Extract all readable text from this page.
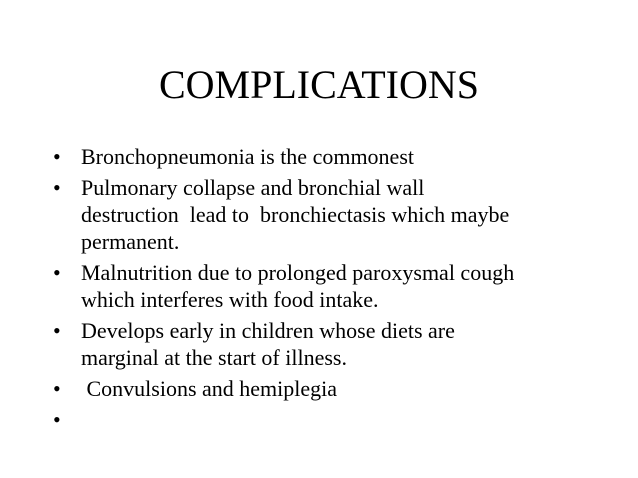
COMPLICATIONS
• Bronchopneumonia is the commonest
• Pulmonary collapse and bronchial wall
destruction  lead to  bronchiectasis which maybe
permanent.
• Malnutrition due to prolonged paroxysmal cough
which interferes with food intake.
• Develops early in children whose diets are
marginal at the start of illness.
• Convulsions and hemiplegia
•
